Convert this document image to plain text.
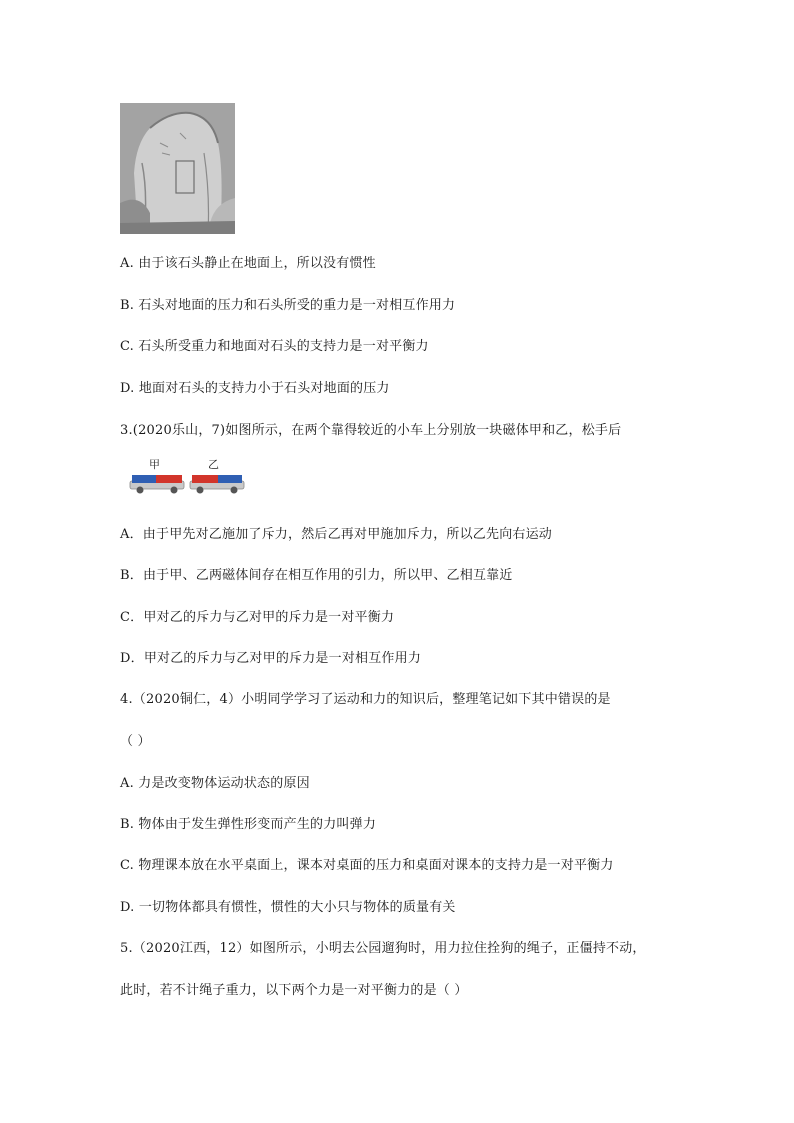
A. 由于该石头静止在地面上，所以没有惯性
B. 石头对地面的压力和石头所受的重力是一对相互作用力
C. 石头所受重力和地面对石头的支持力是一对平衡力
D. 地面对石头的支持力小于石头对地面的压力
3.(2020乐山，7)如图所示，在两个靠得较近的小车上分别放一块磁体甲和乙，松手后
甲	乙
A．由于甲先对乙施加了斥力，然后乙再对甲施加斥力，所以乙先向右运动
B．由于甲、乙两磁体间存在相互作用的引力，所以甲、乙相互靠近
C．甲对乙的斥力与乙对甲的斥力是一对平衡力
D．甲对乙的斥力与乙对甲的斥力是一对相互作用力
4.（2020铜仁，4）小明同学学习了运动和力的知识后，整理笔记如下其中错误的是
（ ）
A. 力是改变物体运动状态的原因
B. 物体由于发生弹性形变而产生的力叫弹力
C. 物理课本放在水平桌面上，课本对桌面的压力和桌面对课本的支持力是一对平衡力
D. 一切物体都具有惯性，惯性的大小只与物体的质量有关
5.（2020江西，12）如图所示，小明去公园遛狗时，用力拉住拴狗的绳子，正僵持不动，
此时，若不计绳子重力，以下两个力是一对平衡力的是（ ）
